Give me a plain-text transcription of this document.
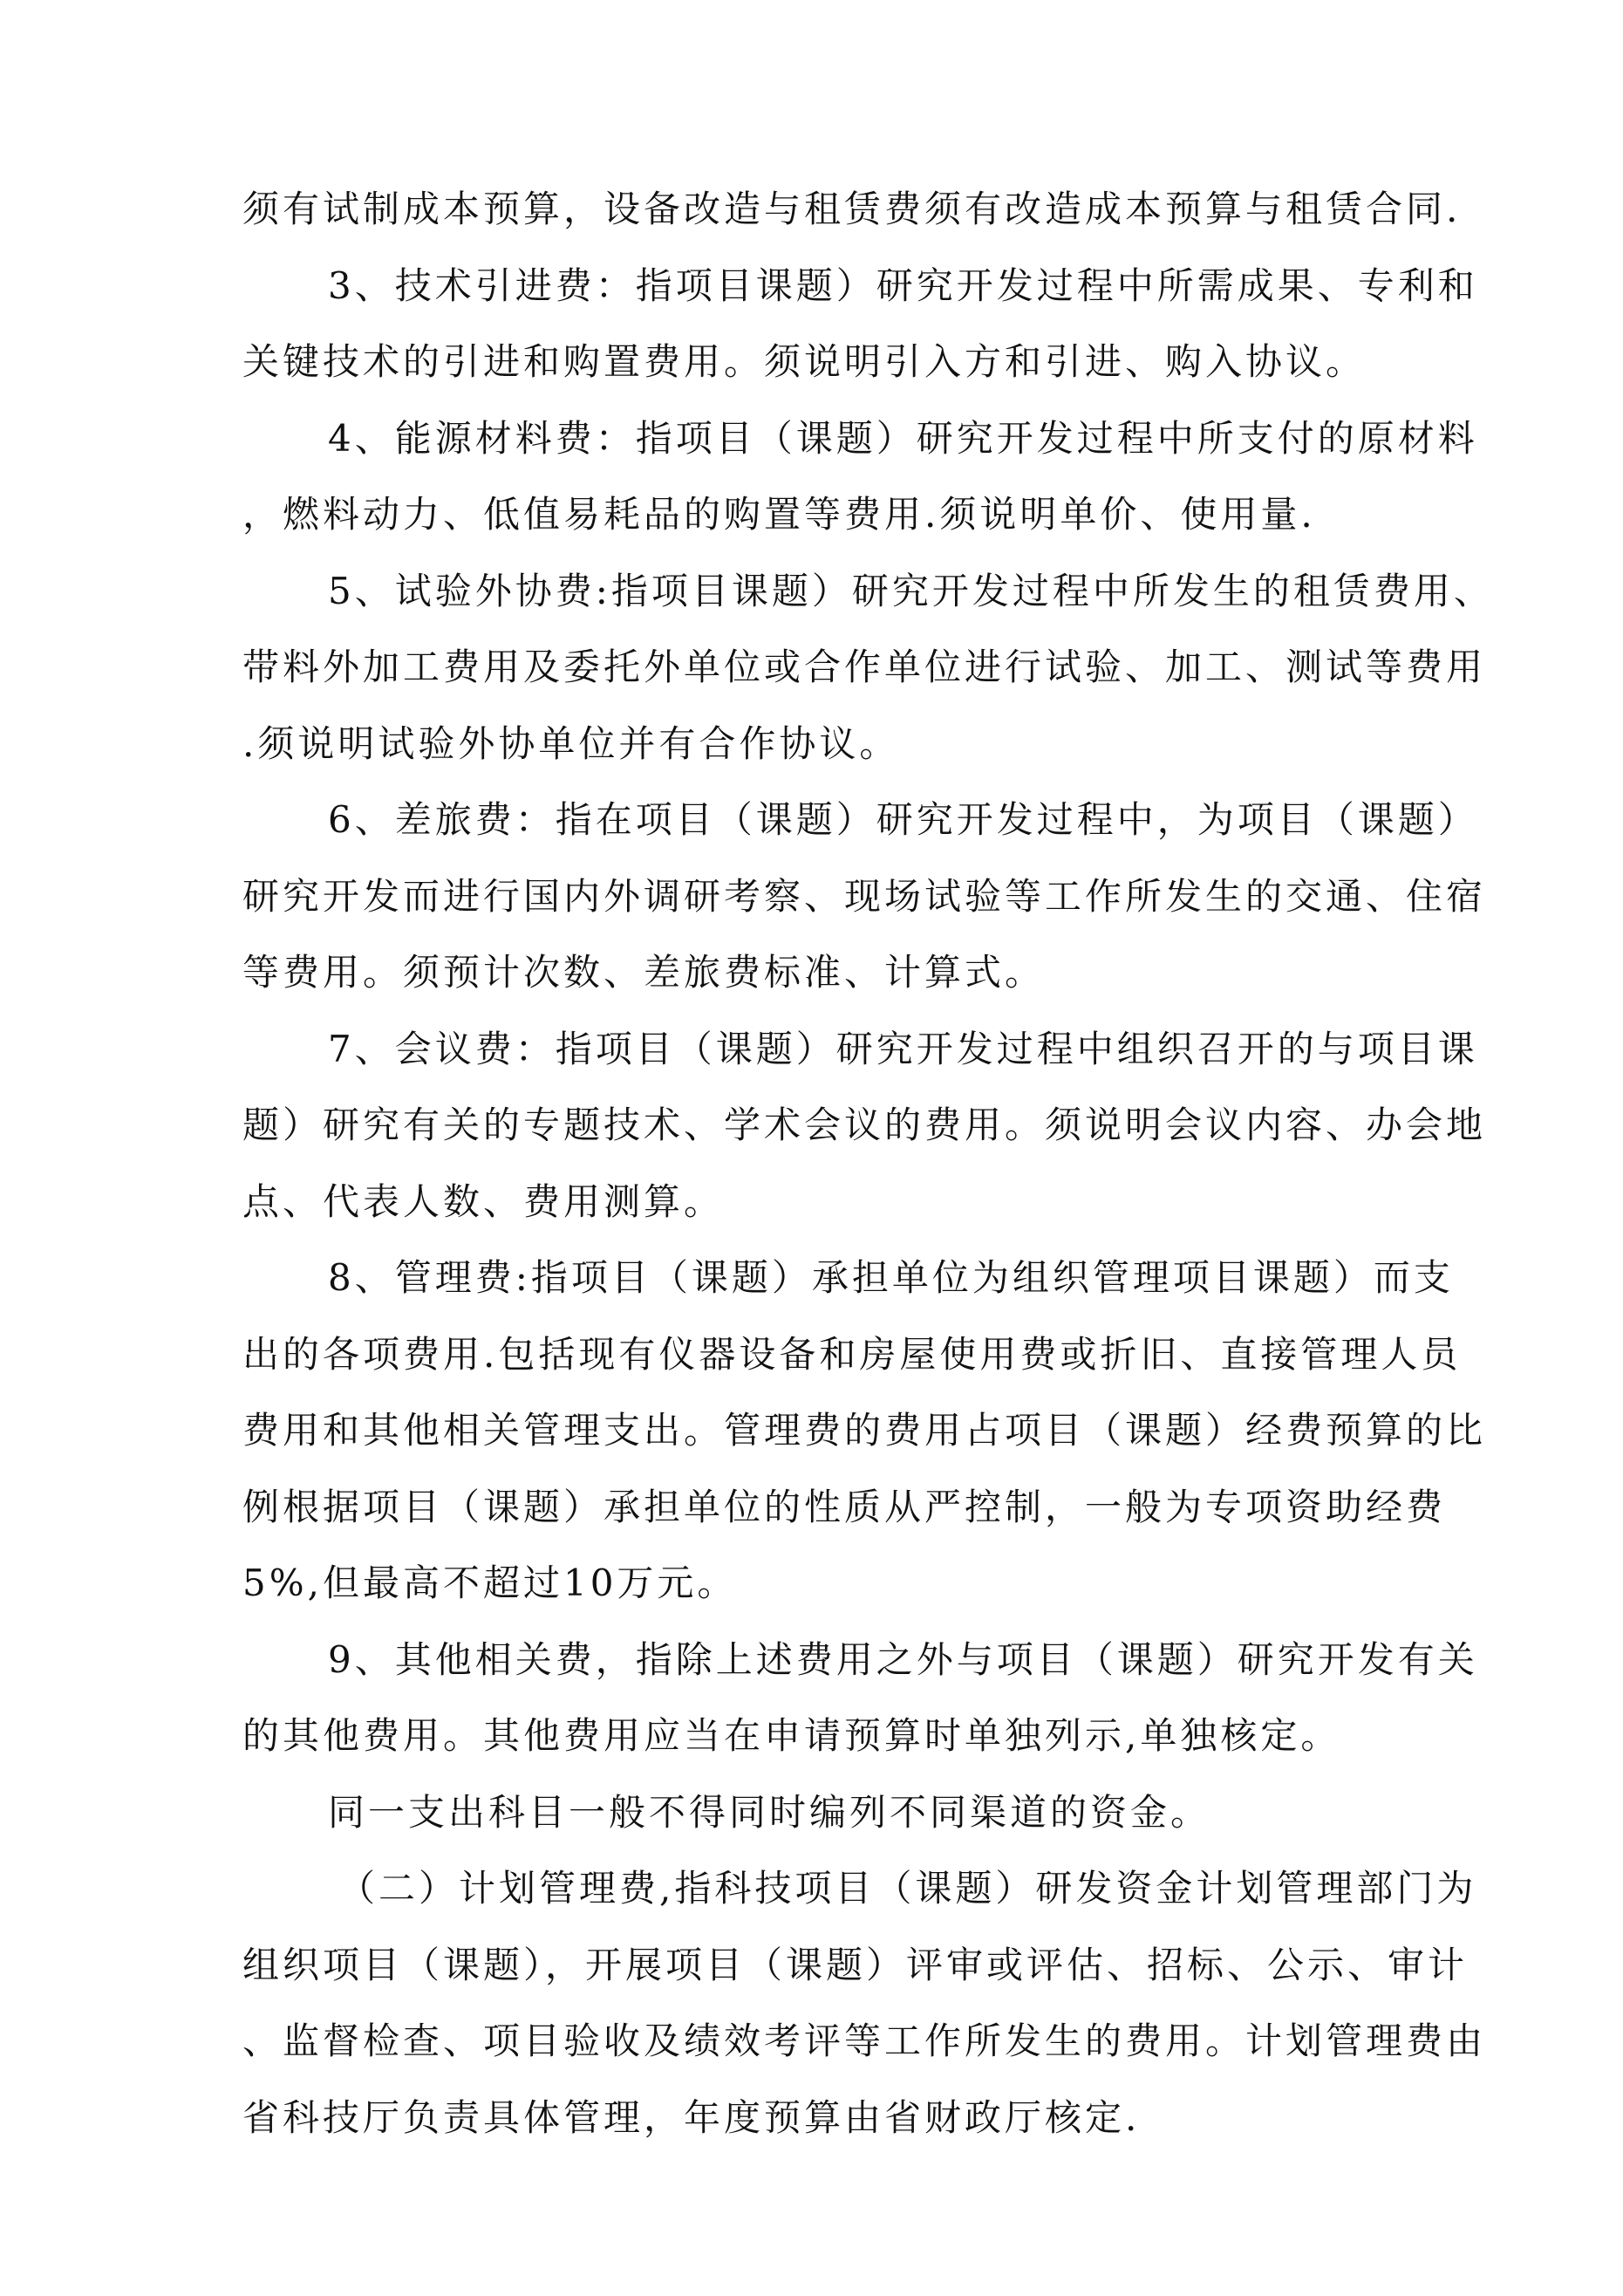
须有试制成本预算，设备改造与租赁费须有改造成本预算与租赁合同.
3、技术引进费：指项目课题）研究开发过程中所需成果、专利和
关键技术的引进和购置费用。须说明引入方和引进、购入协议。
4、能源材料费：指项目（课题）研究开发过程中所支付的原材料
，燃料动力、低值易耗品的购置等费用.须说明单价、使用量.
5、试验外协费:指项目课题）研究开发过程中所发生的租赁费用、
带料外加工费用及委托外单位或合作单位进行试验、加工、测试等费用
.须说明试验外协单位并有合作协议。
6、差旅费：指在项目（课题）研究开发过程中，为项目（课题）
研究开发而进行国内外调研考察、现场试验等工作所发生的交通、住宿
等费用。须预计次数、差旅费标准、计算式。
7、会议费：指项目（课题）研究开发过程中组织召开的与项目课
题）研究有关的专题技术、学术会议的费用。须说明会议内容、办会地
点、代表人数、费用测算。
8、管理费:指项目（课题）承担单位为组织管理项目课题）而支
出的各项费用.包括现有仪器设备和房屋使用费或折旧、直接管理人员
费用和其他相关管理支出。管理费的费用占项目（课题）经费预算的比
例根据项目（课题）承担单位的性质从严控制，一般为专项资助经费
5%,但最高不超过10万元。
9、其他相关费，指除上述费用之外与项目（课题）研究开发有关
的其他费用。其他费用应当在申请预算时单独列示,单独核定。
同一支出科目一般不得同时编列不同渠道的资金。
（二）计划管理费,指科技项目（课题）研发资金计划管理部门为
组织项目（课题），开展项目（课题）评审或评估、招标、公示、审计
、监督检查、项目验收及绩效考评等工作所发生的费用。计划管理费由
省科技厅负责具体管理，年度预算由省财政厅核定.
